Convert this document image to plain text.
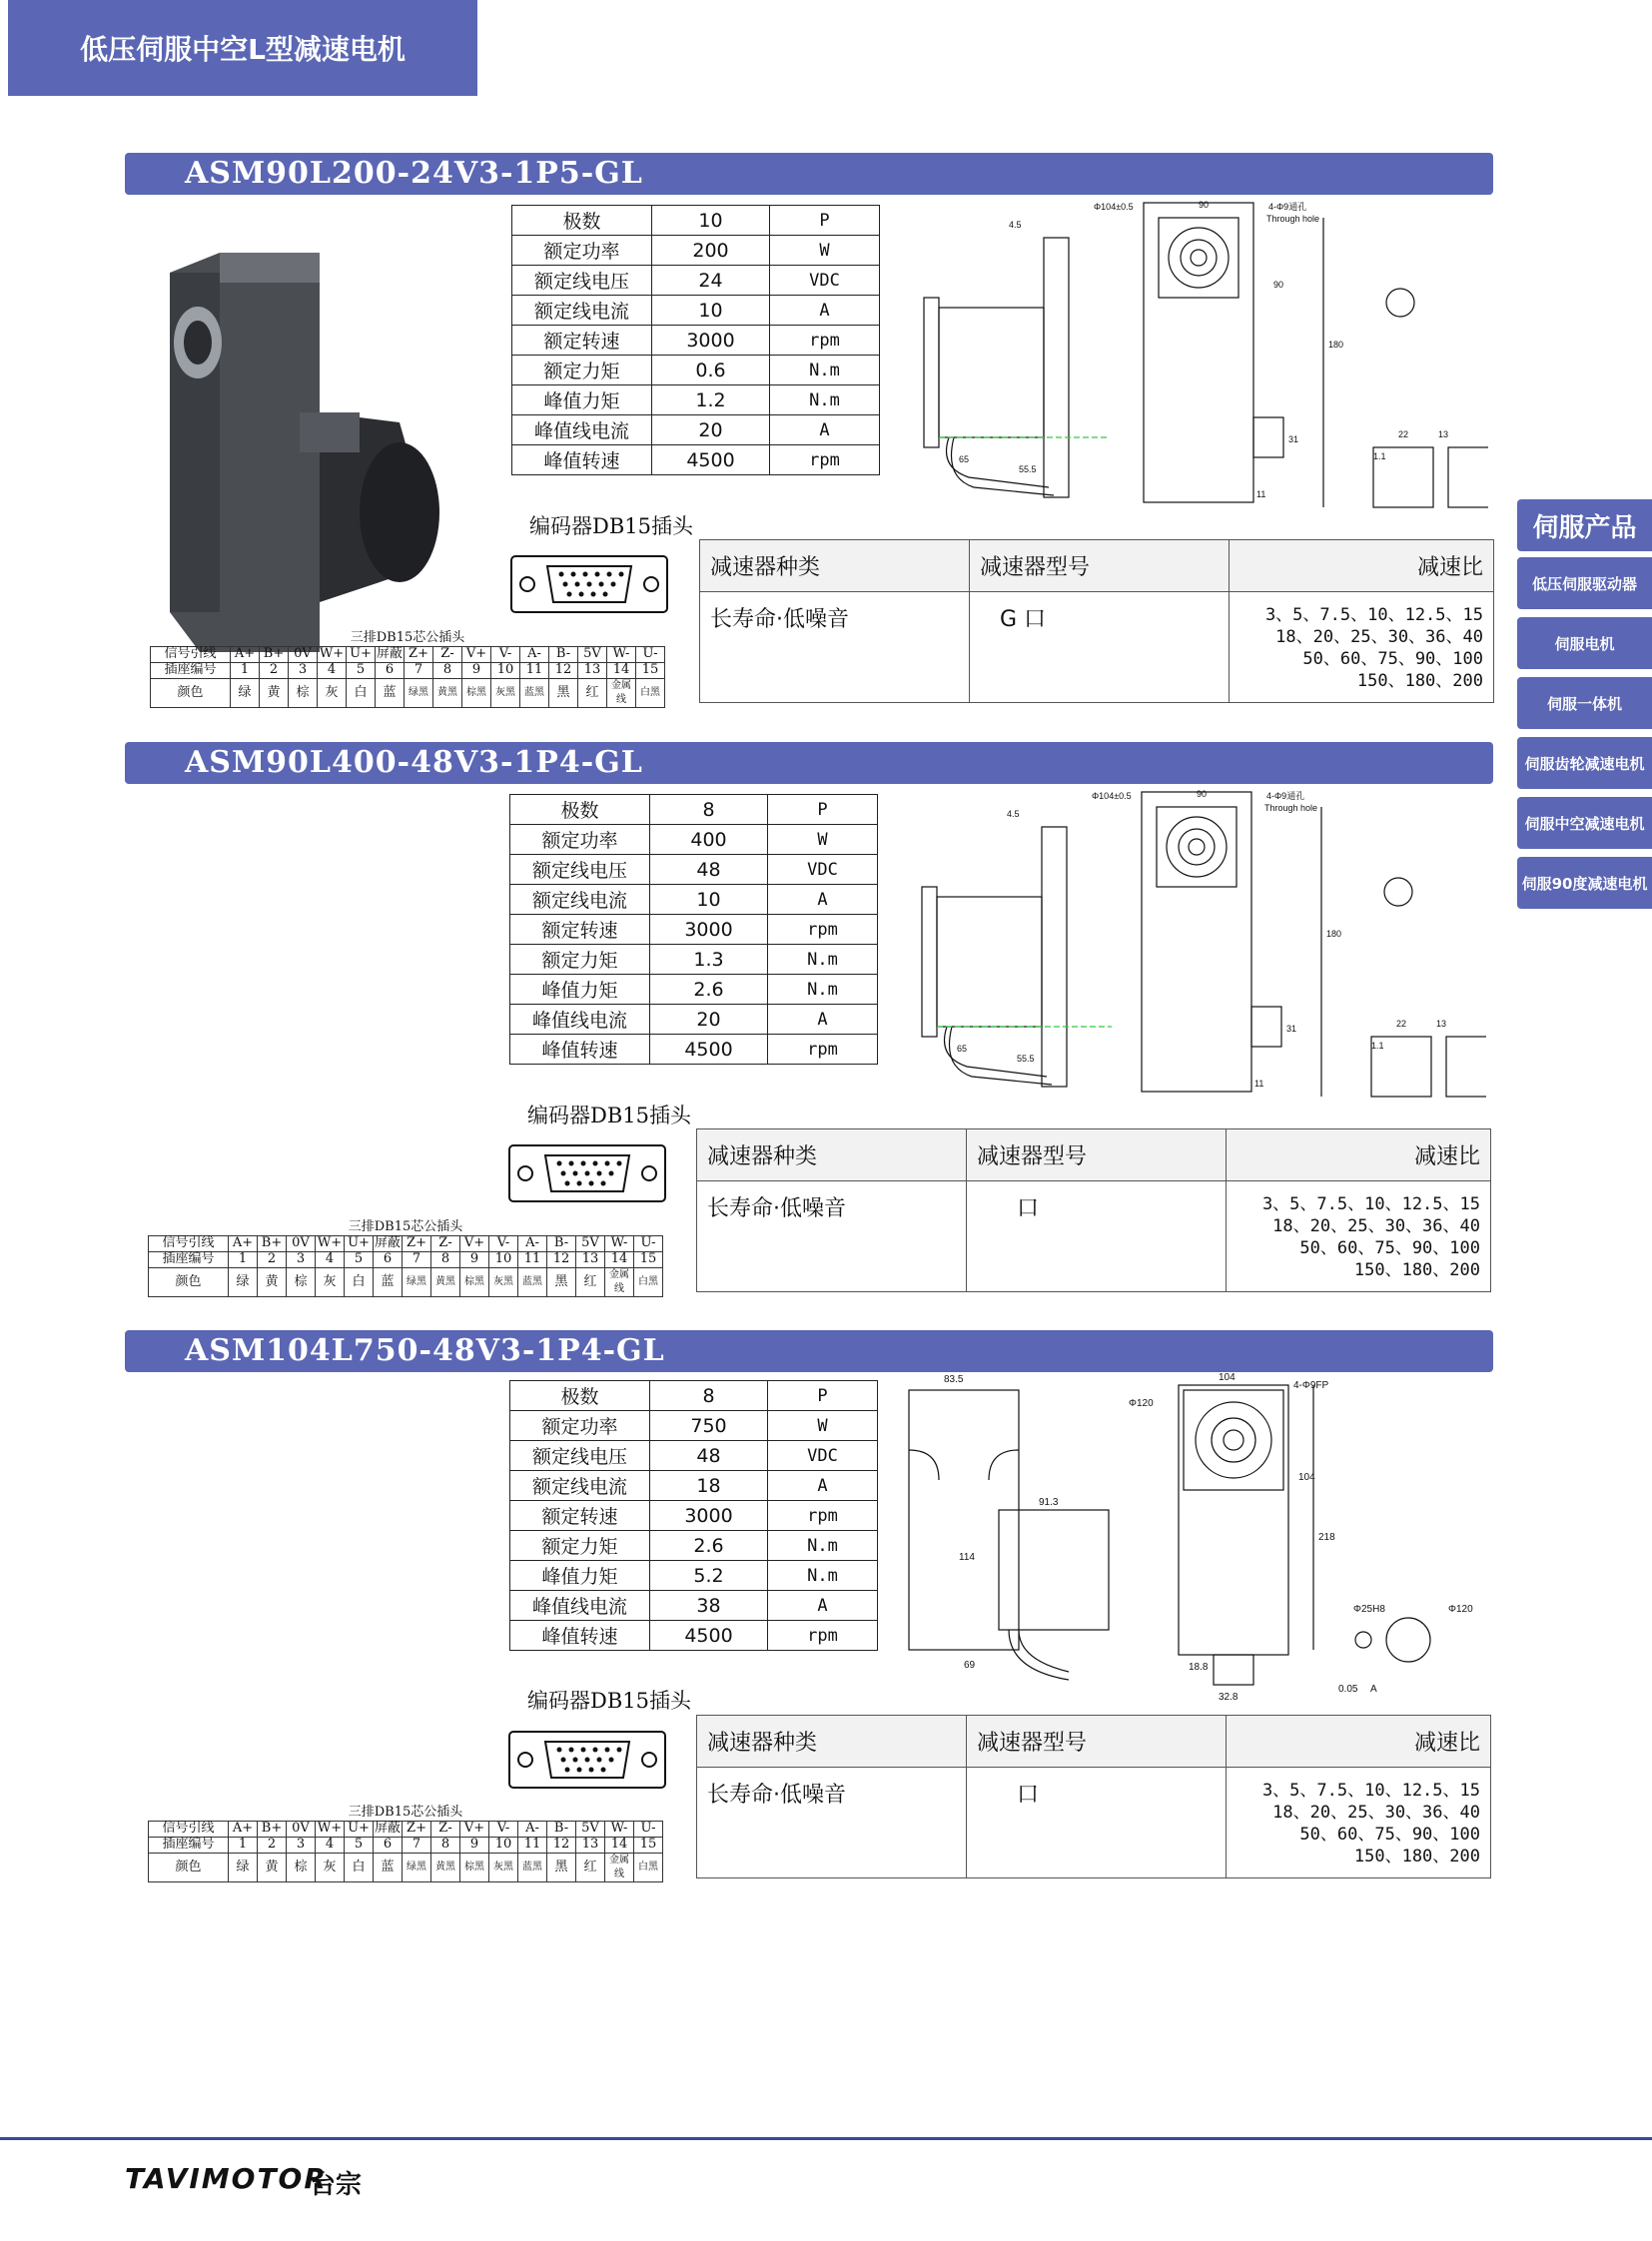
低压伺服中空L型减速电机
伺服产品
低压伺服驱动器
伺服电机
伺服一体机
伺服齿轮减速电机
伺服中空减速电机
伺服90度减速电机
ASM90L200-24V3-1P5-GL
极数	10	P
额定功率	200	W
额定线电压	24	VDC
额定线电流	10	A
额定转速	3000	rpm
额定力矩	0.6	N.m
峰值力矩	1.2	N.m
峰值线电流	20	A
峰值转速	4500	rpm
Φ104±0.5	90	4-Φ9通孔
Through hole
90
180
31
11
65
55.5
4.5
22	13
1.1
编码器DB15插头
三排DB15芯公插头															
信号引线	A+	B+	0V	W+	U+	屏蔽	Z+	Z-	V+	V-	A-	B-	5V	W-	U-
插座编号	1	2	3	4	5	6	7	8	9	10	11	12	13	14	15
颜色	绿	黄	棕	灰	白	蓝	绿黑	黄黑	棕黑	灰黑	蓝黑	黑	红	金属线	白黑
减速器种类	减速器型号	减速比
长寿命·低噪音	G 口	3、5、7.5、10、12.5、15
18、20、25、30、36、40
50、60、75、90、100
150、180、200
ASM90L400-48V3-1P4-GL
极数	8	P
额定功率	400	W
额定线电压	48	VDC
额定线电流	10	A
额定转速	3000	rpm
额定力矩	1.3	N.m
峰值力矩	2.6	N.m
峰值线电流	20	A
峰值转速	4500	rpm
Φ104±0.5	90	4-Φ9通孔
Through hole
180
31
11
65
55.5
4.5
22	13
1.1
编码器DB15插头
三排DB15芯公插头															
信号引线	A+	B+	0V	W+	U+	屏蔽	Z+	Z-	V+	V-	A-	B-	5V	W-	U-
插座编号	1	2	3	4	5	6	7	8	9	10	11	12	13	14	15
颜色	绿	黄	棕	灰	白	蓝	绿黑	黄黑	棕黑	灰黑	蓝黑	黑	红	金属线	白黑
减速器种类	减速器型号	减速比
长寿命·低噪音	口	3、5、7.5、10、12.5、15
18、20、25、30、36、40
50、60、75、90、100
150、180、200
ASM104L750-48V3-1P4-GL
极数	8	P
额定功率	750	W
额定线电压	48	VDC
额定线电流	18	A
额定转速	3000	rpm
额定力矩	2.6	N.m
峰值力矩	5.2	N.m
峰值线电流	38	A
峰值转速	4500	rpm
83.5	104
4-Φ9FP
Φ120
104
218
114
91.3
69
32.8
18.8
Φ25H8	Φ120
0.05 A
编码器DB15插头
三排DB15芯公插头															
信号引线	A+	B+	0V	W+	U+	屏蔽	Z+	Z-	V+	V-	A-	B-	5V	W-	U-
插座编号	1	2	3	4	5	6	7	8	9	10	11	12	13	14	15
颜色	绿	黄	棕	灰	白	蓝	绿黑	黄黑	棕黑	灰黑	蓝黑	黑	红	金属线	白黑
减速器种类	减速器型号	减速比
长寿命·低噪音	口	3、5、7.5、10、12.5、15
18、20、25、30、36、40
50、60、75、90、100
150、180、200
TAVIMOTOR
台宗
